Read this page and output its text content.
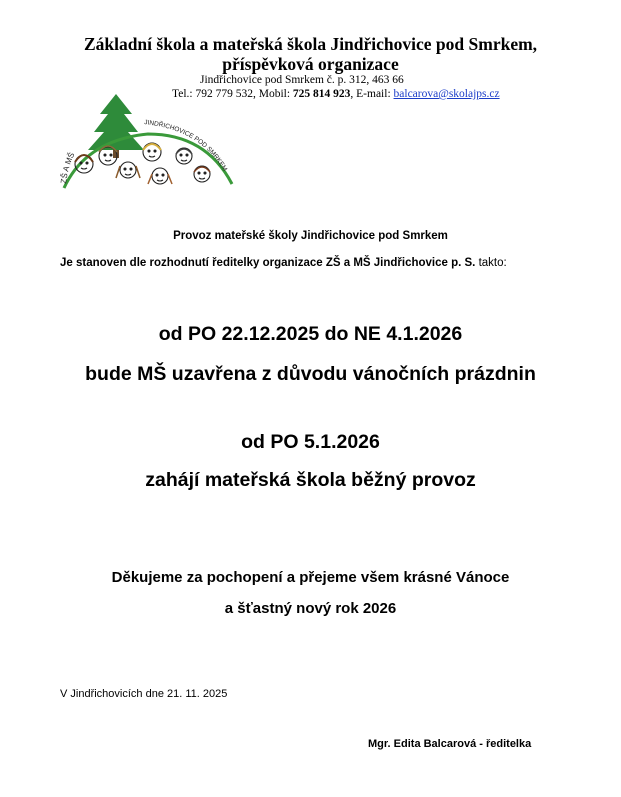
Základní škola a mateřská škola Jindřichovice pod Smrkem,
příspěvková organizace
Jindřichovice pod Smrkem č. p. 312, 463 66
Tel.: 792 779 532, Mobil: 725 814 923, E-mail: balcarova@skolajps.cz
ZŠ A MŠ
JINDŘICHOVICE POD SMRKEM
Provoz mateřské školy Jindřichovice pod Smrkem
Je stanoven dle rozhodnutí ředitelky organizace ZŠ a MŠ Jindřichovice p. S. takto:
od PO 22.12.2025 do NE 4.1.2026
bude MŠ uzavřena z důvodu vánočních prázdnin
od PO 5.1.2026
zahájí mateřská škola běžný provoz
Děkujeme za pochopení a přejeme všem krásné Vánoce
a šťastný nový rok 2026
V Jindřichovicích dne 21. 11. 2025
Mgr. Edita Balcarová - ředitelka
